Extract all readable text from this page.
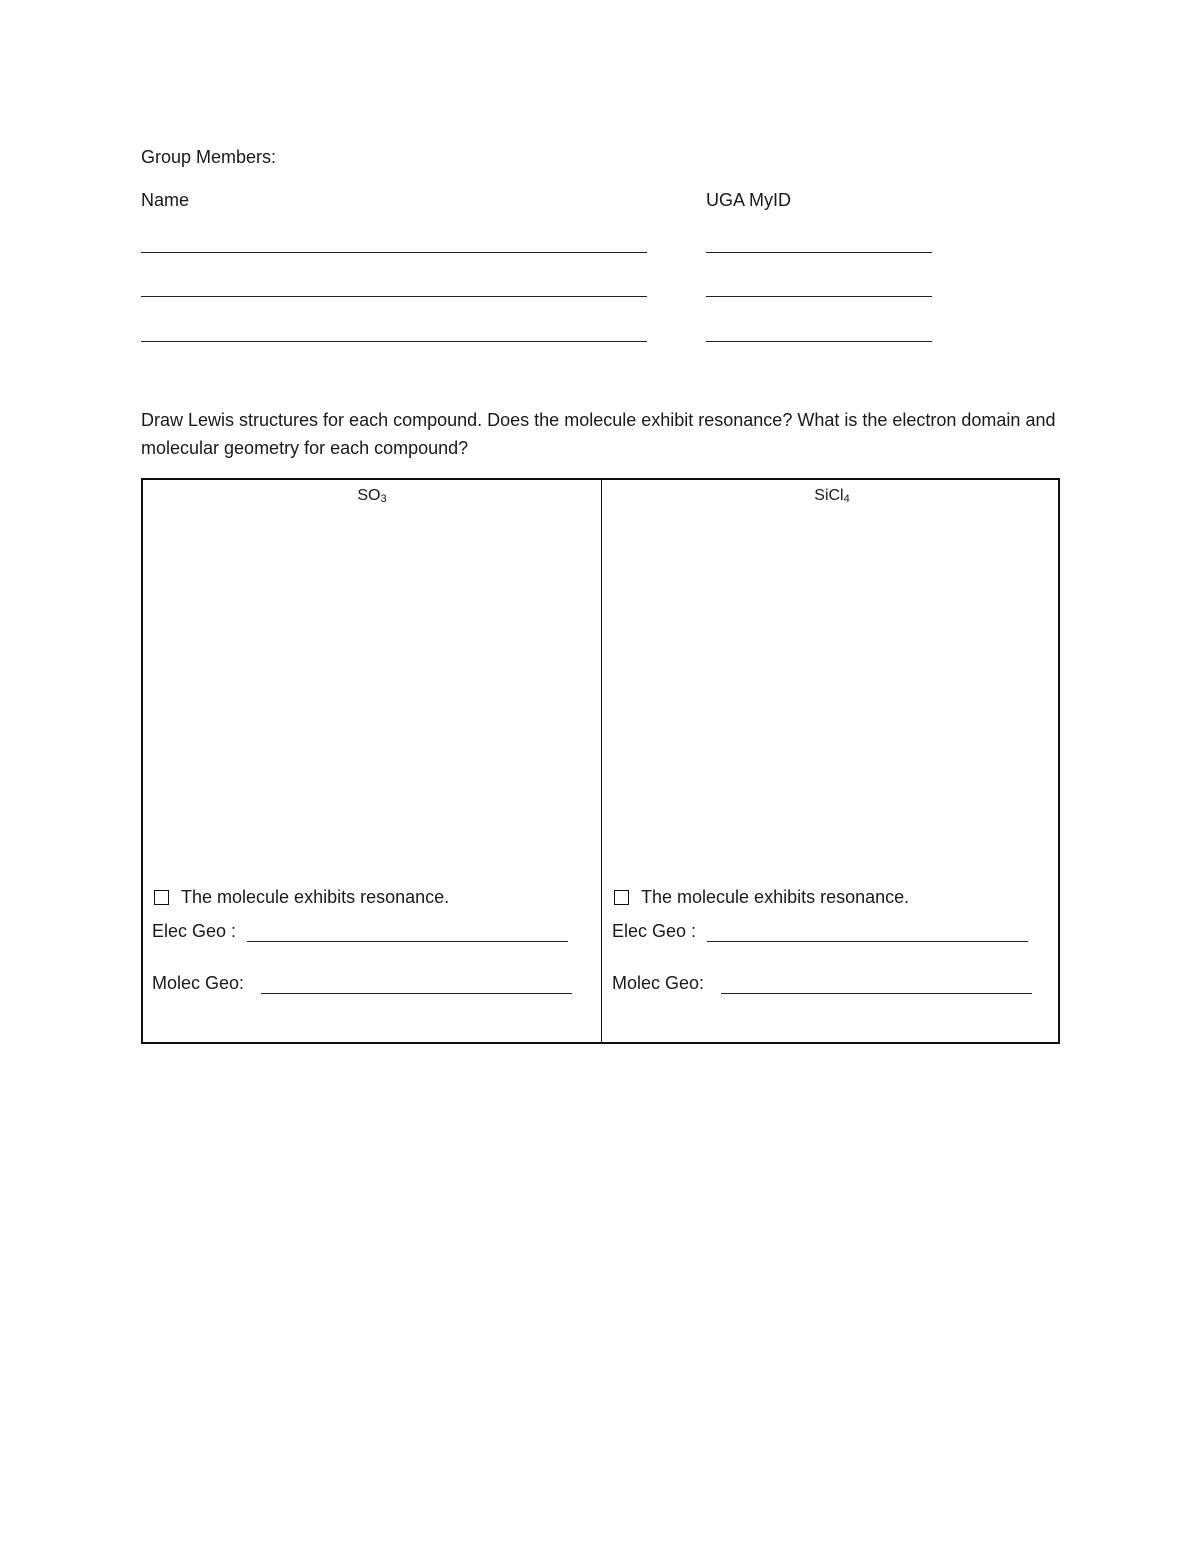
Group Members:
Name	UGA MyID
Draw Lewis structures for each compound. Does the molecule exhibit resonance? What is the electron domain and molecular geometry for each compound?
$SO_3$
The molecule exhibits resonance.
Elec Geo :
Molec Geo:
SiCl$_4$
The molecule exhibits resonance.
Elec Geo :
Molec Geo:
